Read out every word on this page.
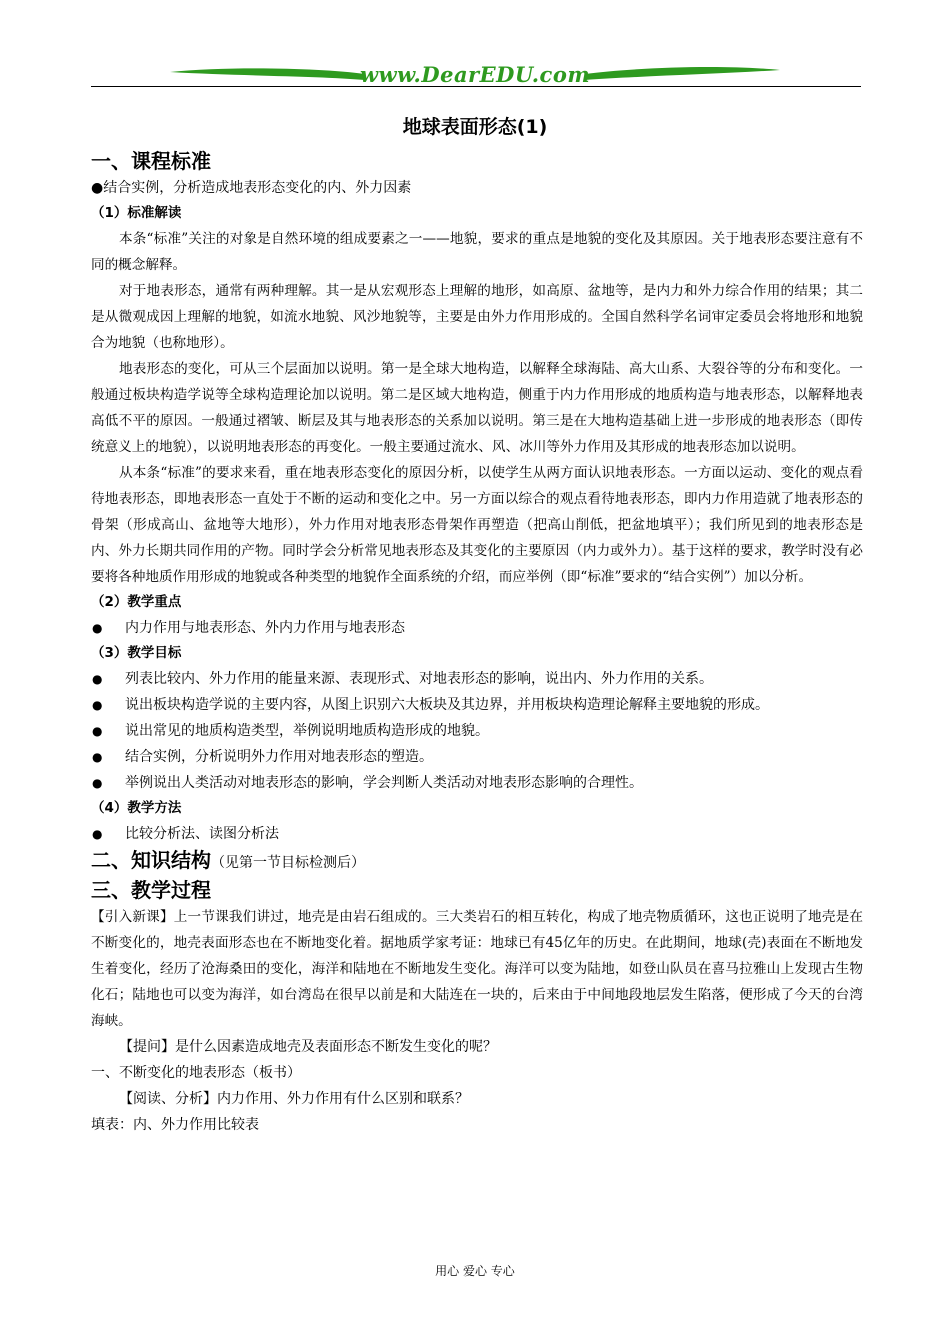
www.DearEDU.com
地球表面形态(1)

一、课程标准

●结合实例，分析造成地表形态变化的内、外力因素

（1）标准解读

本条“标准”关注的对象是自然环境的组成要素之一——地貌，要求的重点是地貌的变化及其原因。关于地表形态要注意有不同的概念解释。

对于地表形态，通常有两种理解。其一是从宏观形态上理解的地形，如高原、盆地等，是内力和外力综合作用的结果；其二是从微观成因上理解的地貌，如流水地貌、风沙地貌等，主要是由外力作用形成的。全国自然科学名词审定委员会将地形和地貌合为地貌（也称地形）。

地表形态的变化，可从三个层面加以说明。第一是全球大地构造，以解释全球海陆、高大山系、大裂谷等的分布和变化。一般通过板块构造学说等全球构造理论加以说明。第二是区域大地构造，侧重于内力作用形成的地质构造与地表形态，以解释地表高低不平的原因。一般通过褶皱、断层及其与地表形态的关系加以说明。第三是在大地构造基础上进一步形成的地表形态（即传统意义上的地貌），以说明地表形态的再变化。一般主要通过流水、风、冰川等外力作用及其形成的地表形态加以说明。

从本条“标准”的要求来看，重在地表形态变化的原因分析，以使学生从两方面认识地表形态。一方面以运动、变化的观点看待地表形态，即地表形态一直处于不断的运动和变化之中。另一方面以综合的观点看待地表形态，即内力作用造就了地表形态的骨架（形成高山、盆地等大地形），外力作用对地表形态骨架作再塑造（把高山削低，把盆地填平）；我们所见到的地表形态是内、外力长期共同作用的产物。同时学会分析常见地表形态及其变化的主要原因（内力或外力）。基于这样的要求，教学时没有必要将各种地质作用形成的地貌或各种类型的地貌作全面系统的介绍，而应举例（即“标准”要求的“结合实例”）加以分析。

（2）教学重点

● 内力作用与地表形态、外内力作用与地表形态

（3）教学目标

● 列表比较内、外力作用的能量来源、表现形式、对地表形态的影响，说出内、外力作用的关系。
● 说出板块构造学说的主要内容，从图上识别六大板块及其边界，并用板块构造理论解释主要地貌的形成。
● 说出常见的地质构造类型，举例说明地质构造形成的地貌。
● 结合实例，分析说明外力作用对地表形态的塑造。
● 举例说出人类活动对地表形态的影响，学会判断人类活动对地表形态影响的合理性。

（4）教学方法

● 比较分析法、读图分析法

二、知识结构（见第一节目标检测后）

三、教学过程

【引入新课】上一节课我们讲过，地壳是由岩石组成的。三大类岩石的相互转化，构成了地壳物质循环，这也正说明了地壳是在不断变化的，地壳表面形态也在不断地变化着。据地质学家考证：地球已有45亿年的历史。在此期间，地球(壳)表面在不断地发生着变化，经历了沧海桑田的变化，海洋和陆地在不断地发生变化。海洋可以变为陆地，如登山队员在喜马拉雅山上发现古生物化石；陆地也可以变为海洋，如台湾岛在很早以前是和大陆连在一块的，后来由于中间地段地层发生陷落，便形成了今天的台湾海峡。

【提问】是什么因素造成地壳及表面形态不断发生变化的呢？

一、不断变化的地表形态（板书）

【阅读、分析】内力作用、外力作用有什么区别和联系？

填表：内、外力作用比较表

用心 爱心 专心
